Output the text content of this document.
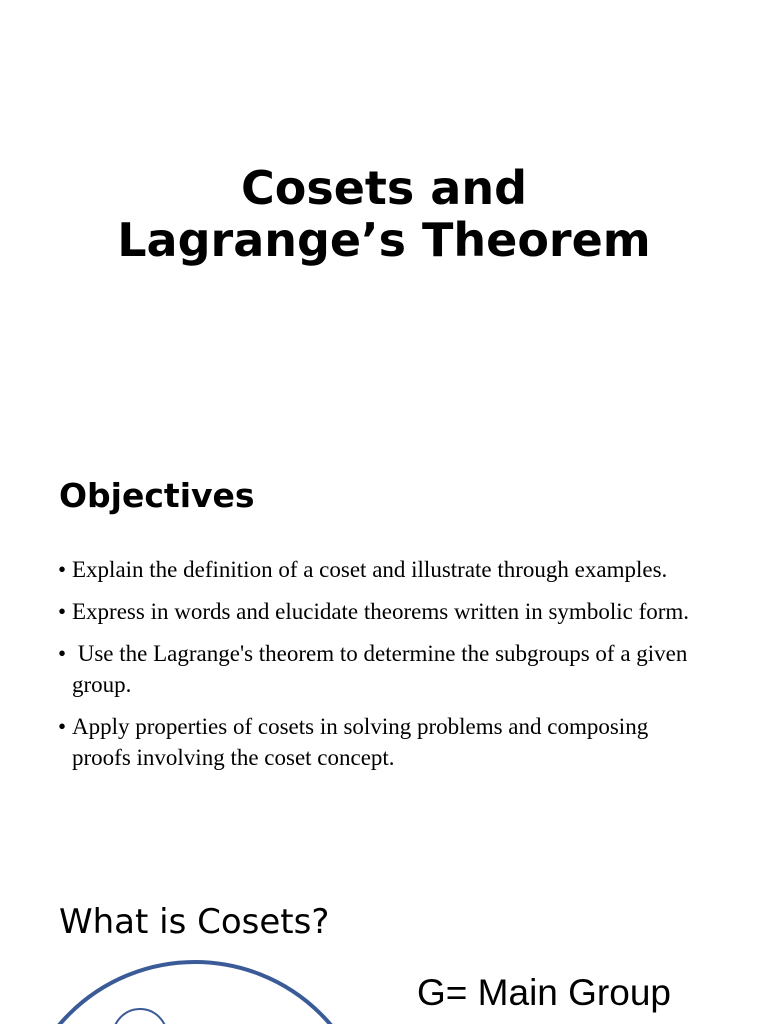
Cosets and
Lagrange’s Theorem
Objectives
• Explain the definition of a coset and illustrate through examples.
• Express in words and elucidate theorems written in symbolic form.
• Use the Lagrange's theorem to determine the subgroups of a given group.
• Apply properties of cosets in solving problems and composing proofs involving the coset concept.
What is Cosets?
G= Main Group
